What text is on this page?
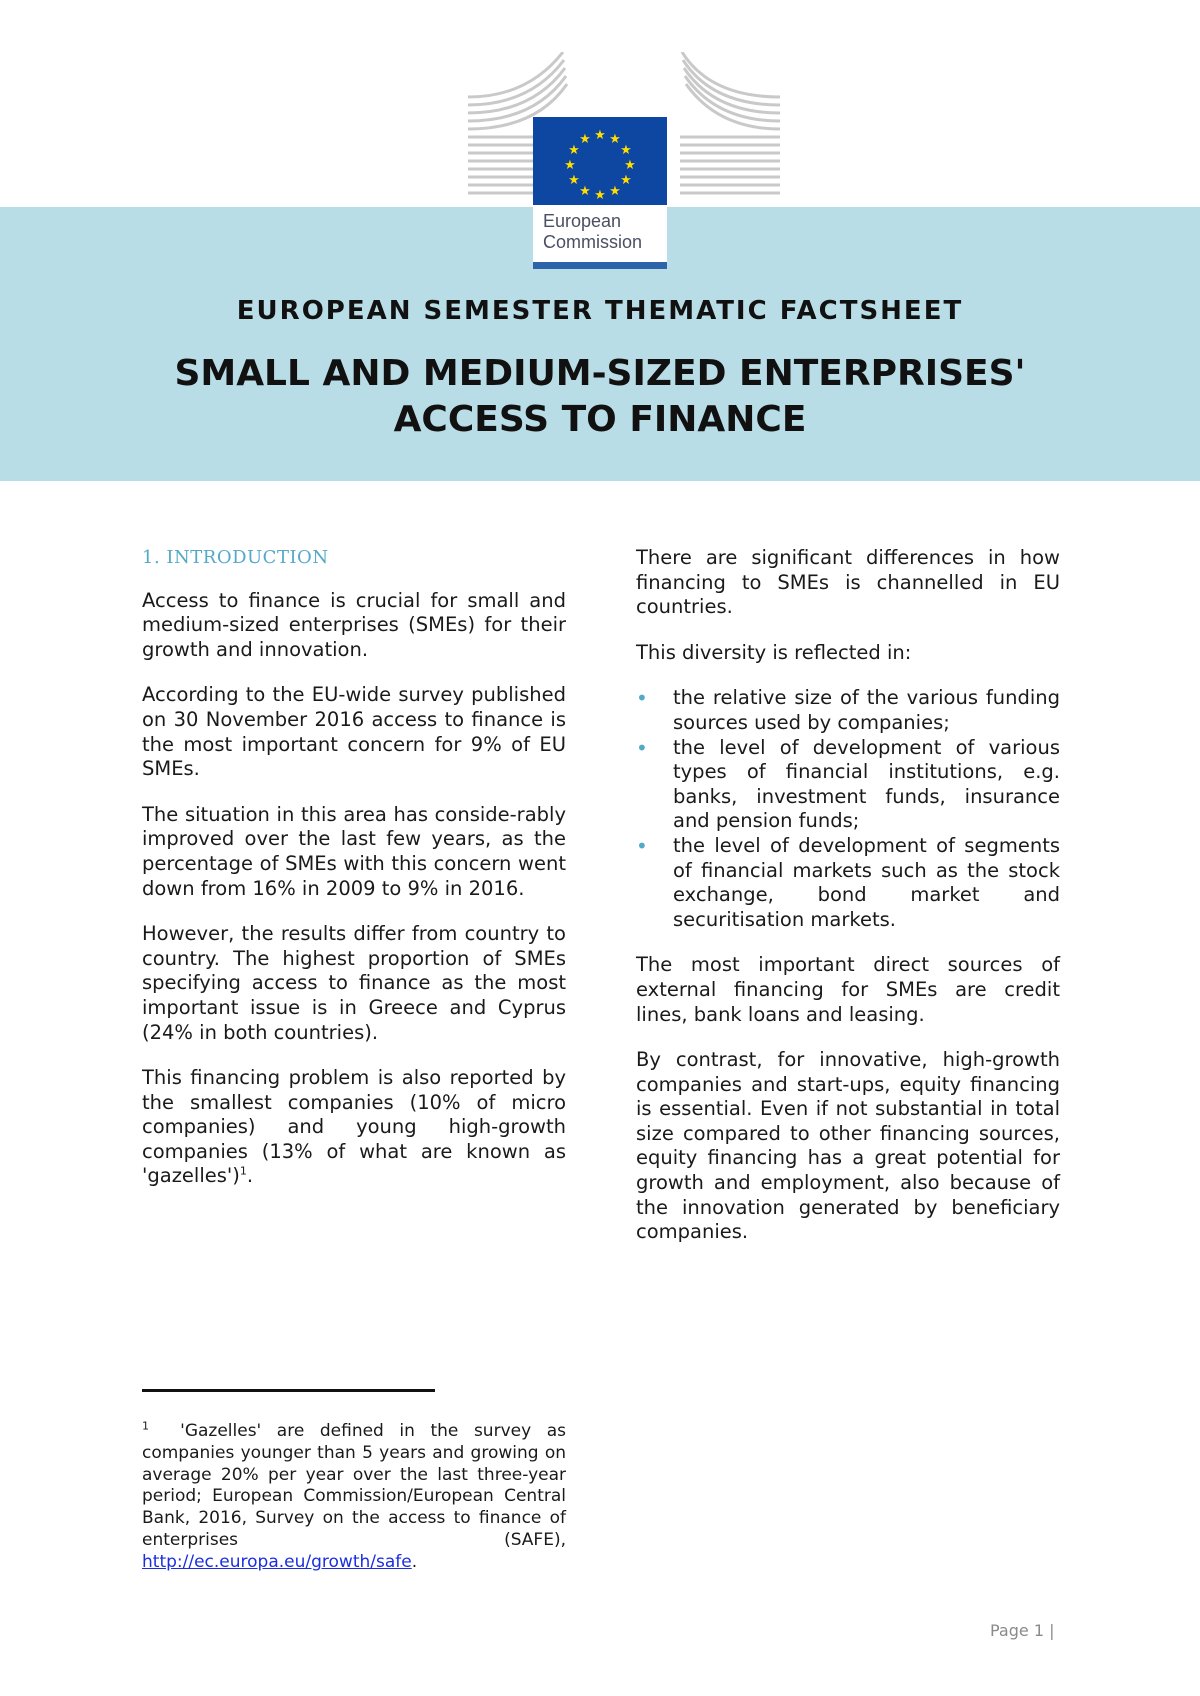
★ ★
★
★
★
★
★
★
★
★
★
★
European
Commission
EUROPEAN SEMESTER THEMATIC FACTSHEET
SMALL AND MEDIUM-SIZED ENTERPRISES'
ACCESS TO FINANCE
1. INTRODUCTION

Access to finance is crucial for small and medium-sized enterprises (SMEs) for their growth and innovation.

According to the EU-wide survey published on 30 November 2016 access to finance is the most important concern for 9% of EU SMEs.

The situation in this area has conside-rably improved over the last few years, as the percentage of SMEs with this concern went down from 16% in 2009 to 9% in 2016.

However, the results differ from country to country. The highest proportion of SMEs specifying access to finance as the most important issue is in Greece and Cyprus (24% in both countries).

This financing problem is also reported by the smallest companies (10% of micro companies) and young high-growth companies (13% of what are known as 'gazelles')$^1$.

There are significant differences in how financing to SMEs is channelled in EU countries.

This diversity is reflected in:

• the relative size of the various funding sources used by companies;
• the level of development of various types of financial institutions, e.g. banks, investment funds, insurance and pension funds;
• the level of development of segments of financial markets such as the stock exchange, bond market and securitisation markets.

The most important direct sources of external financing for SMEs are credit lines, bank loans and leasing.

By contrast, for innovative, high-growth companies and start-ups, equity financing is essential. Even if not substantial in total size compared to other financing sources, equity financing has a great potential for growth and employment, also because of the innovation generated by beneficiary companies.

$^1$ 'Gazelles' are defined in the survey as companies younger than 5 years and growing on average 20% per year over the last three-year period; European Commission/European Central Bank, 2016, Survey on the access to finance of enterprises (SAFE), http://ec.europa.eu/growth/safe.
Page 1 |
